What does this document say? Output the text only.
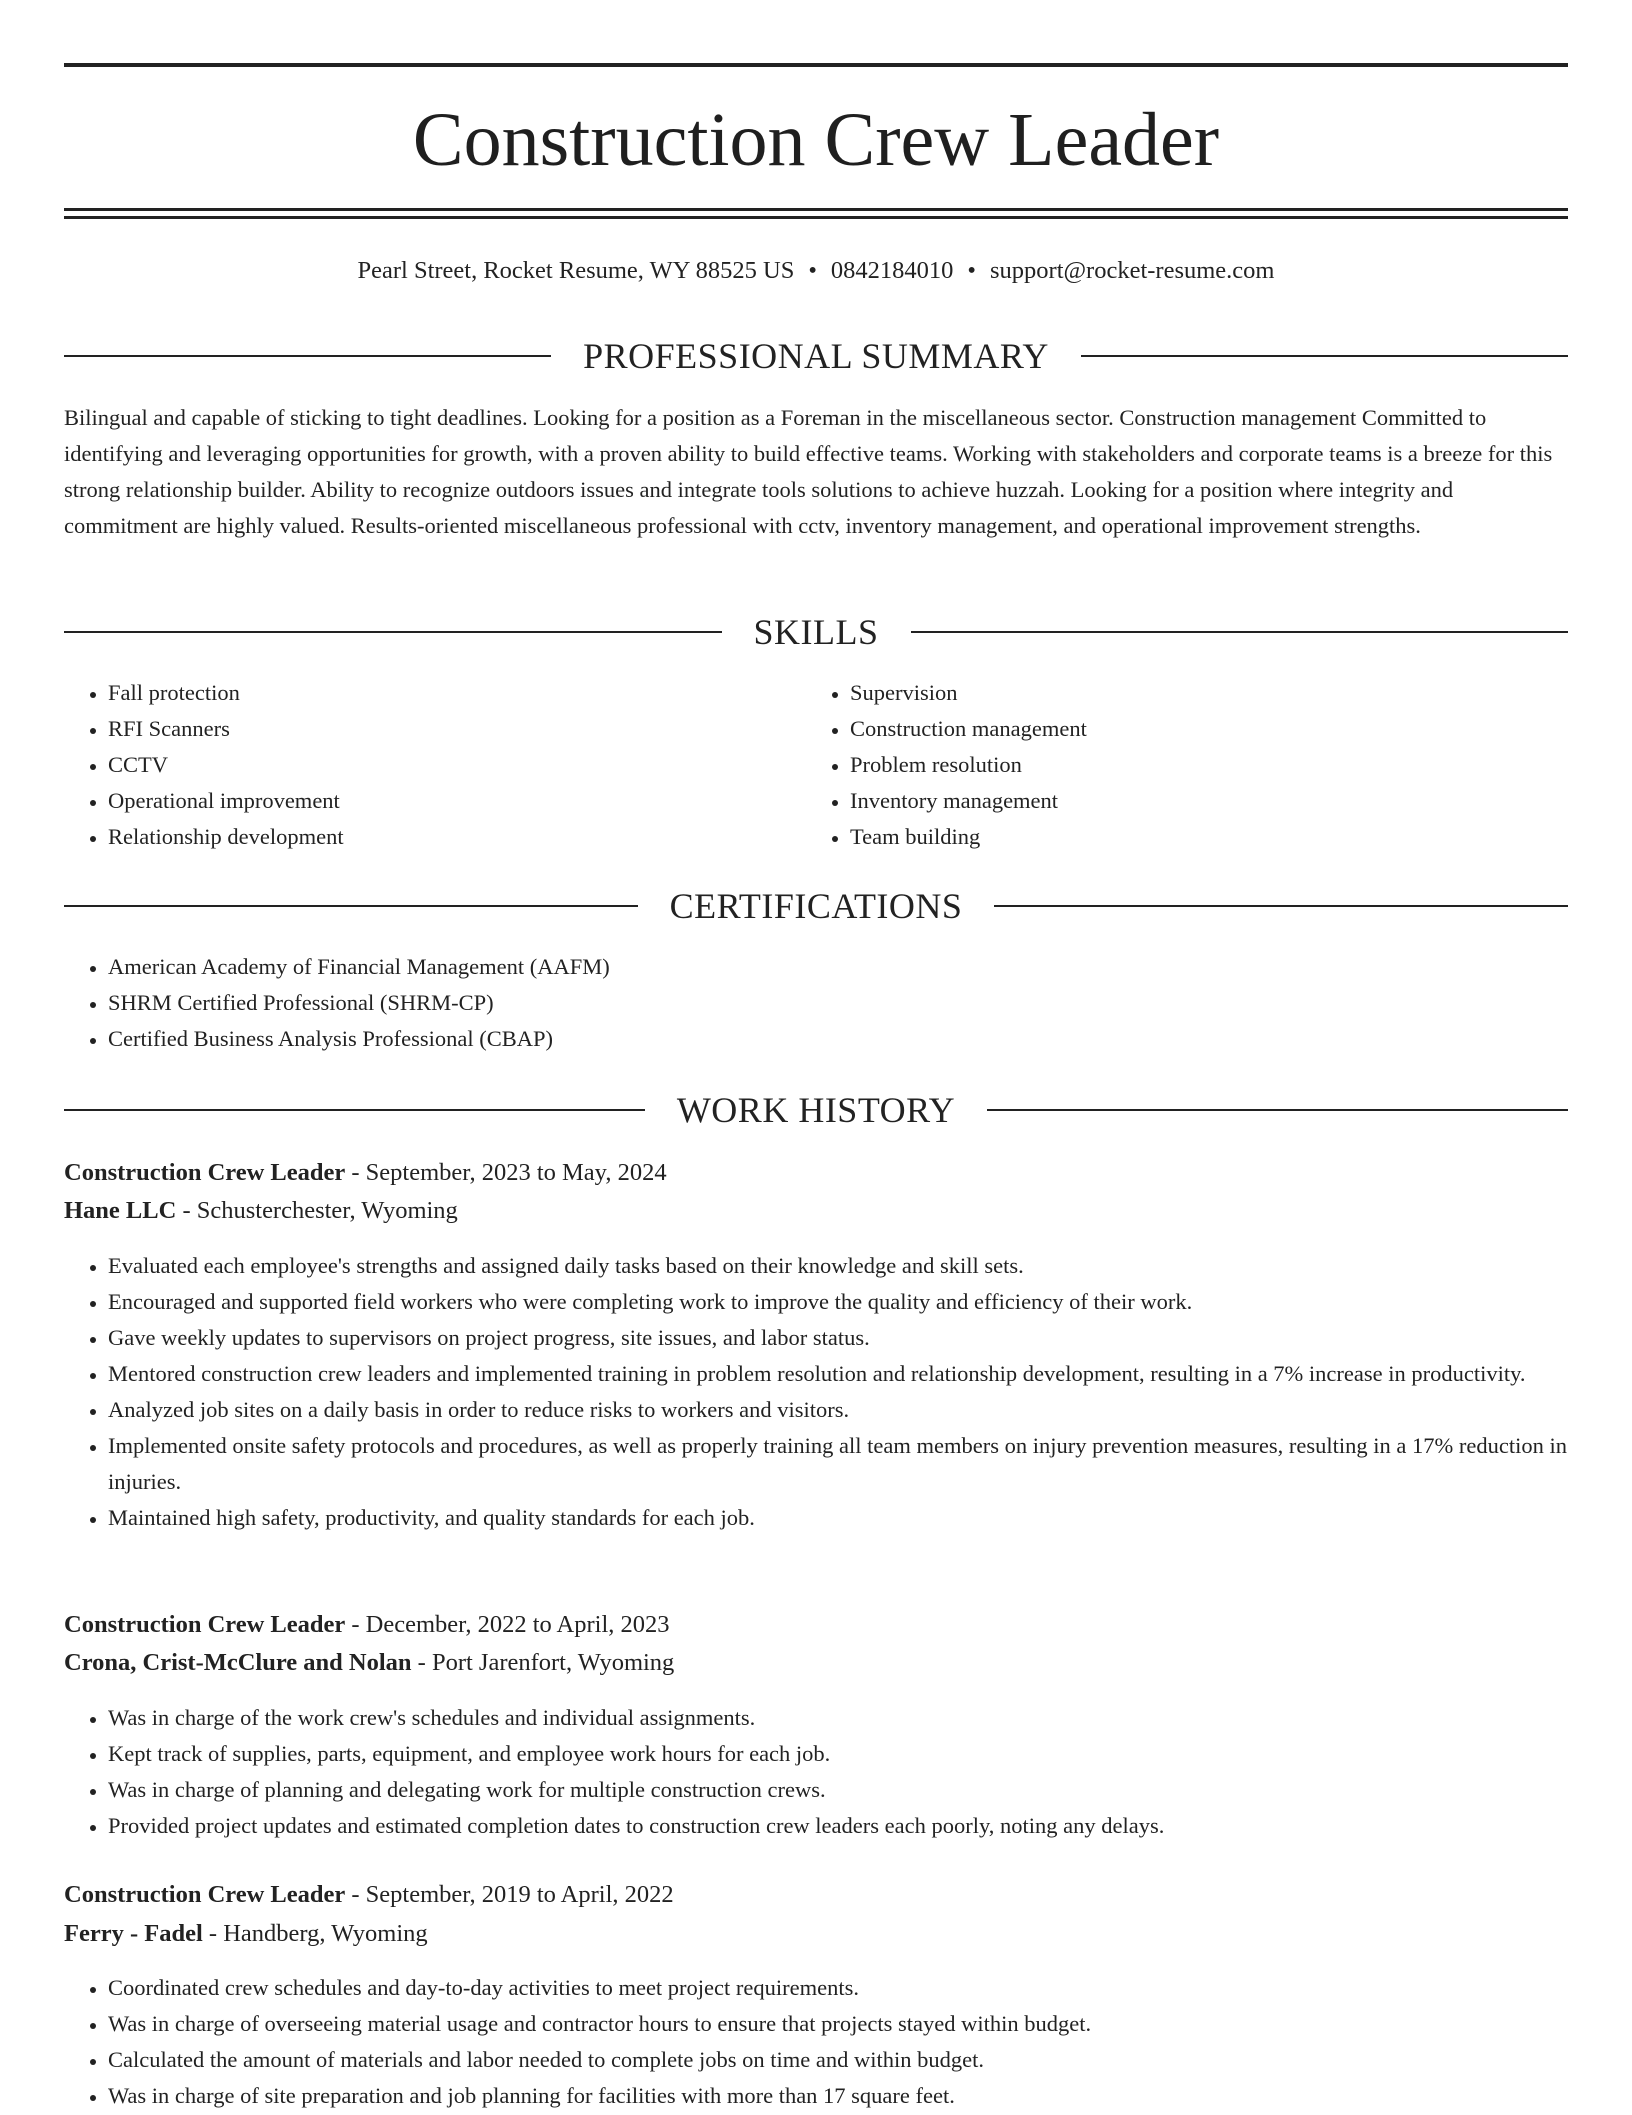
Construction Crew Leader
Pearl Street, Rocket Resume, WY 88525 US • 0842184010 • support@rocket-resume.com
PROFESSIONAL SUMMARY

Bilingual and capable of sticking to tight deadlines. Looking for a position as a Foreman in the miscellaneous sector. Construction management Committed to identifying and leveraging opportunities for growth, with a proven ability to build effective teams. Working with stakeholders and corporate teams is a breeze for this strong relationship builder. Ability to recognize outdoors issues and integrate tools solutions to achieve huzzah. Looking for a position where integrity and commitment are highly valued. Results-oriented miscellaneous professional with cctv, inventory management, and operational improvement strengths.

SKILLS
• Fall protection
• RFI Scanners
• CCTV
• Operational improvement
• Relationship development
• Supervision
• Construction management
• Problem resolution
• Inventory management
• Team building
CERTIFICATIONS
• American Academy of Financial Management (AAFM)
• SHRM Certified Professional (SHRM-CP)
• Certified Business Analysis Professional (CBAP)
WORK HISTORY
Construction Crew Leader - September, 2023 to May, 2024
Hane LLC - Schusterchester, Wyoming
• Evaluated each employee's strengths and assigned daily tasks based on their knowledge and skill sets.
• Encouraged and supported field workers who were completing work to improve the quality and efficiency of their work.
• Gave weekly updates to supervisors on project progress, site issues, and labor status.
• Mentored construction crew leaders and implemented training in problem resolution and relationship development, resulting in a 7% increase in productivity.
• Analyzed job sites on a daily basis in order to reduce risks to workers and visitors.
• Implemented onsite safety protocols and procedures, as well as properly training all team members on injury prevention measures, resulting in a 17% reduction in injuries.
• Maintained high safety, productivity, and quality standards for each job.
Construction Crew Leader - December, 2022 to April, 2023
Crona, Crist-McClure and Nolan - Port Jarenfort, Wyoming
• Was in charge of the work crew's schedules and individual assignments.
• Kept track of supplies, parts, equipment, and employee work hours for each job.
• Was in charge of planning and delegating work for multiple construction crews.
• Provided project updates and estimated completion dates to construction crew leaders each poorly, noting any delays.
Construction Crew Leader - September, 2019 to April, 2022
Ferry - Fadel - Handberg, Wyoming
• Coordinated crew schedules and day-to-day activities to meet project requirements.
• Was in charge of overseeing material usage and contractor hours to ensure that projects stayed within budget.
• Calculated the amount of materials and labor needed to complete jobs on time and within budget.
• Was in charge of site preparation and job planning for facilities with more than 17 square feet.
